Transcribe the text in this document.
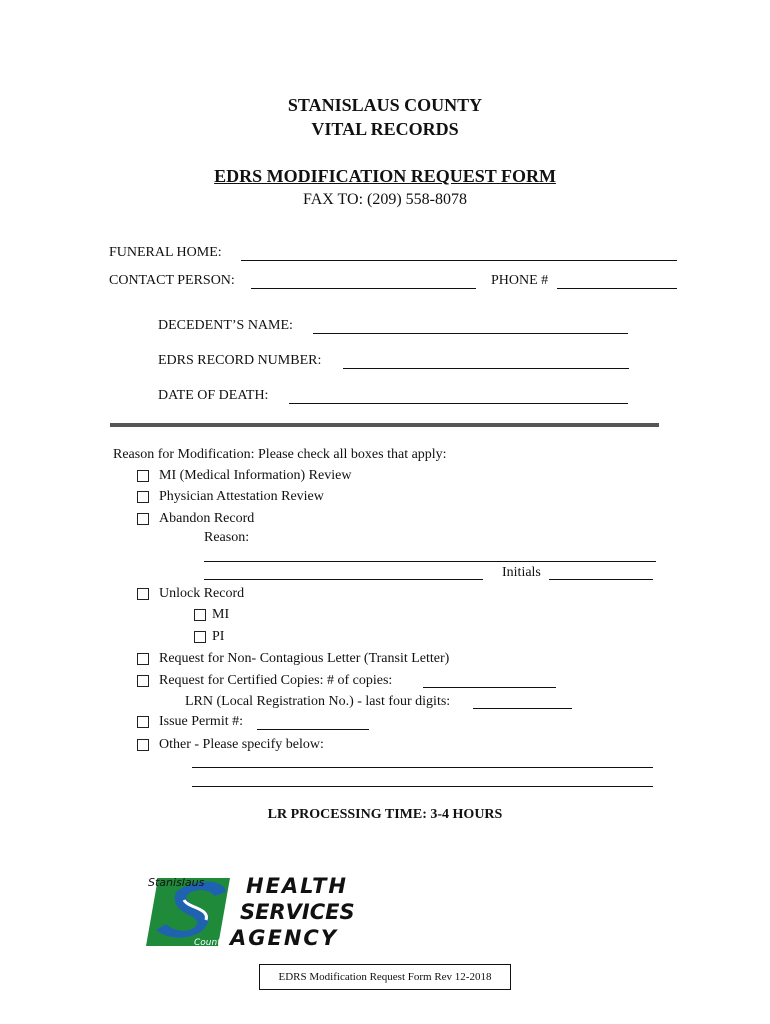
STANISLAUS COUNTY
VITAL RECORDS
EDRS MODIFICATION REQUEST FORM
FAX TO: (209) 558-8078
FUNERAL HOME:
CONTACT PERSON:	PHONE #
DECEDENT’S NAME:
EDRS RECORD NUMBER:
DATE OF DEATH:
Reason for Modification: Please check all boxes that apply:
MI (Medical Information) Review
Physician Attestation Review
Abandon Record
Reason:
Initials
Unlock Record
MI
PI
Request for Non- Contagious Letter (Transit Letter)
Request for Certified Copies: # of copies:
LRN (Local Registration No.) - last four digits:
Issue Permit #:
Other - Please specify below:
LR PROCESSING TIME: 3-4 HOURS
Stanislaus
County
HEALTH
SERVICES
AGENCY
EDRS Modification Request Form Rev 12-2018
